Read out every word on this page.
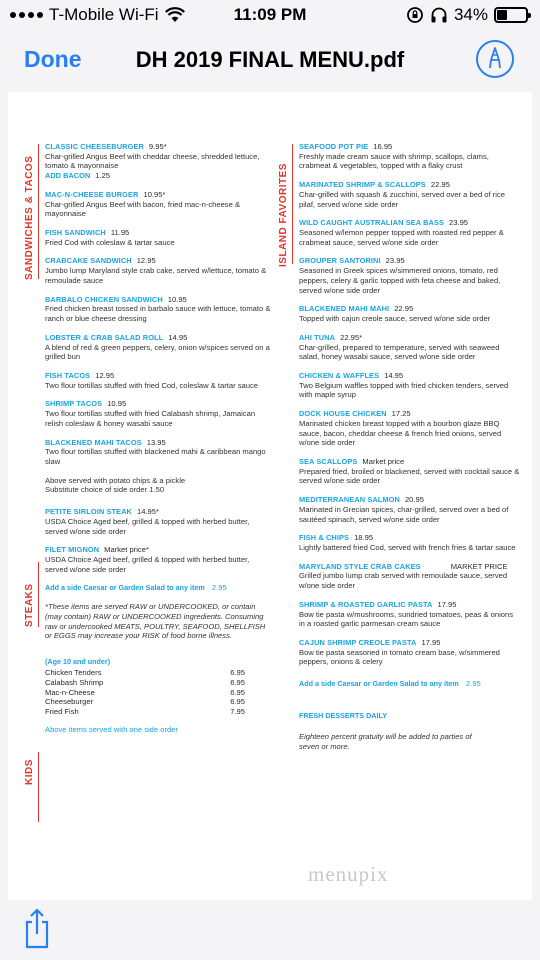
T-Mobile Wi-Fi	11:09 PM	34%
Done	DH 2019 FINAL MENU.pdf
SANDWICHES & TACOS
STEAKS
KIDS
ISLAND FAVORITES
CLASSIC CHEESEBURGER 9.95*
Char-grilled Angus Beef with cheddar cheese, shredded lettuce, tomato & mayonnaise
ADD BACON 1.25
MAC-N-CHEESE BURGER 10.95*
Char-grilled Angus Beef with bacon, fried mac-n-cheese & mayonnaise
FISH SANDWICH 11.95
Fried Cod with coleslaw & tartar sauce
CRABCAKE SANDWICH 12.95
Jumbo lump Maryland style crab cake, served w/lettuce, tomato & remoulade sauce
BARBALO CHICKEN SANDWICH 10.95
Fried chicken breast tossed in barbalo sauce with lettuce, tomato & ranch or blue cheese dressing
LOBSTER & CRAB SALAD ROLL 14.95
A blend of red & green peppers, celery, onion w/spices served on a grilled bun
FISH TACOS 12.95
Two flour tortillas stuffed with fried Cod, coleslaw & tartar sauce
SHRIMP TACOS 10.95
Two flour tortillas stuffed with fried Calabash shrimp, Jamaican relish coleslaw & honey wasabi sauce
BLACKENED MAHI TACOS 13.95
Two flour tortillas stuffed with blackened mahi & caribbean mango slaw
Above served with potato chips & a pickle
Substitute choice of side order 1.50
PETITE SIRLOIN STEAK 14.95*
USDA Choice Aged beef, grilled & topped with herbed butter, served w/one side order
FILET MIGNON Market price*
USDA Choice Aged beef, grilled & topped with herbed butter, served w/one side order
Add a side Caesar or Garden Salad to any item 2.95
*These items are served RAW or UNDERCOOKED, or contain (may contain) RAW or UNDERCOOKED ingredients. Consuming raw or undercooked MEATS, POULTRY, SEAFOOD, SHELLFISH or EGGS may increase your RISK of food borne illness.
(Age 10 and under)
Chicken Tenders	6.95
Calabash Shrimp	6.95
Mac-n-Cheese	6.95
Cheeseburger	6.95
Fried Fish	7.95
Above items served with one side order
SEAFOOD POT PIE 16.95
Freshly made cream sauce with shrimp, scallops, clams, crabmeat & vegetables, topped with a flaky crust
MARINATED SHRIMP & SCALLOPS 22.95
Char-grilled with squash & zucchini, served over a bed of rice pilaf, served w/one side order
WILD CAUGHT AUSTRALIAN SEA BASS 23.95
Seasoned w/lemon pepper topped with roasted red pepper & crabmeat sauce, served w/one side order
GROUPER SANTORINI 23.95
Seasoned in Greek spices w/simmered onions, tomato, red peppers, celery & garlic topped with feta cheese and baked, served w/one side order
BLACKENED MAHI MAHI 22.95
Topped with cajun creole sauce, served w/one side order
AHI TUNA 22.95*
Char-grilled, prepared to temperature, served with seaweed salad, honey wasabi sauce, served w/one side order
CHICKEN & WAFFLES 14.95
Two Belgium waffles topped with fried chicken tenders, served with maple syrup
DOCK HOUSE CHICKEN 17.25
Marinated chicken breast topped with a bourbon glaze BBQ sauce, bacon, cheddar cheese & french fried onions, served w/one side order
SEA SCALLOPS Market price
Prepared fried, broiled or blackened, served with cocktail sauce & served w/one side order
MEDITERRANEAN SALMON 20.95
Marinated in Grecian spices, char-grilled, served over a bed of sautéed spinach, served w/one side order
FISH & CHIPS 18.95
Lightly battered fried Cod, served with french fries & tartar sauce
MARYLAND STYLE CRAB CAKES	MARKET PRICE
Grilled jumbo lump crab served with remoulade sauce, served w/one side order
SHRIMP & ROASTED GARLIC PASTA 17.95
Bow tie pasta w/mushrooms, sundried tomatoes, peas & onions in a roasted garlic parmesan cream sauce
CAJUN SHRIMP CREOLE PASTA 17.95
Bow tie pasta seasoned in tomato cream base, w/simmered peppers, onions & celery
Add a side Caesar or Garden Salad to any item 2.95
FRESH DESSERTS DAILY
Eighteen percent gratuity will be added to parties of seven or more.
menupix
